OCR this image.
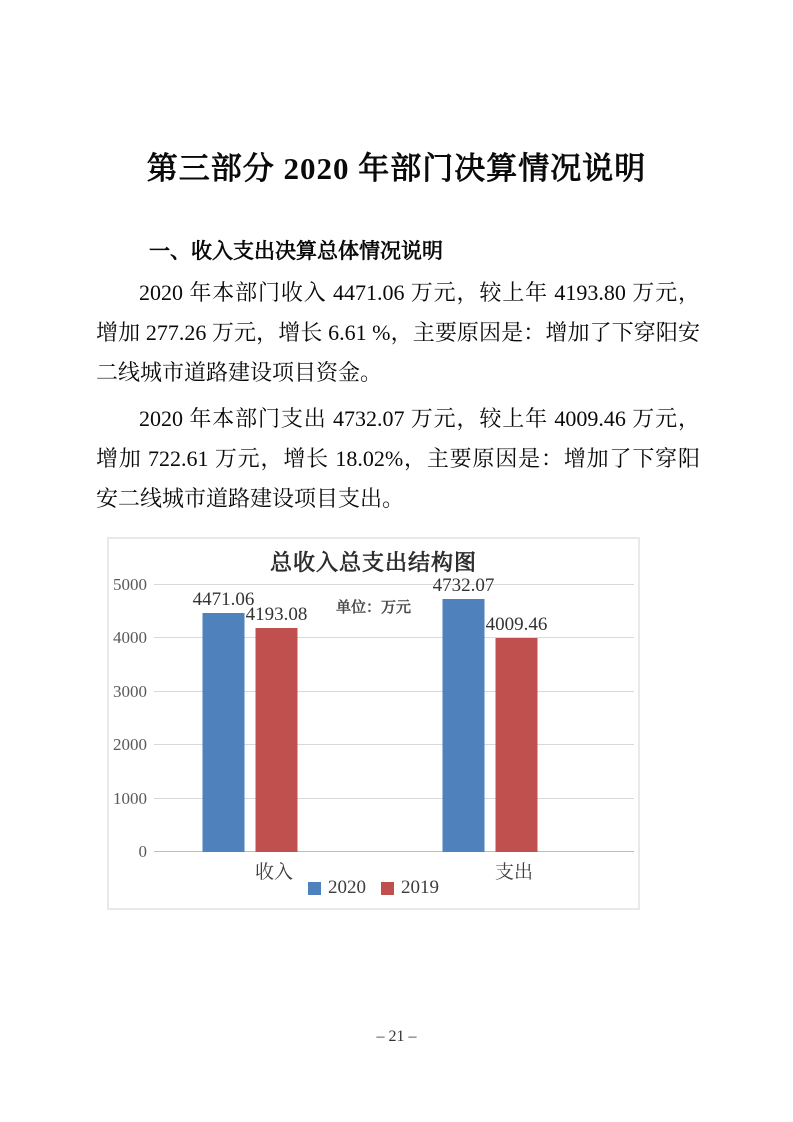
第三部分 2020 年部门决算情况说明
一、收入支出决算总体情况说明

2020 年本部门收入 4471.06 万元，较上年 4193.80 万元，增加 277.26 万元，增长 6.61 %，主要原因是：增加了下穿阳安二线城市道路建设项目资金。

2020 年本部门支出 4732.07 万元，较上年 4009.46 万元，增加 722.61 万元，增长 18.02%，主要原因是：增加了下穿阳安二线城市道路建设项目支出。

总收入总支出结构图
单位：万元
0
1000
2000
3000
4000
5000
4471.06
4193.08
4732.07
4009.46
收入	支出
2020 2019
– 21 –
